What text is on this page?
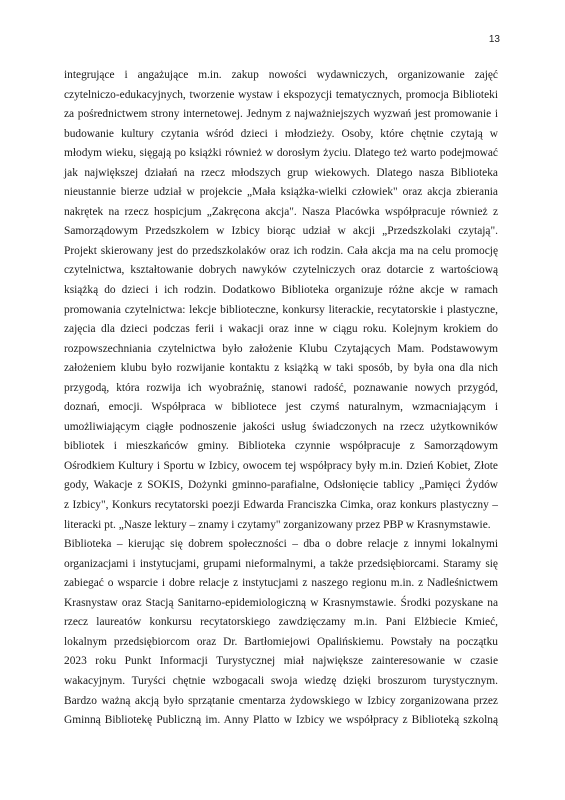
13
integrujące i angażujące m.in. zakup nowości wydawniczych, organizowanie zajęć
czytelniczo-edukacyjnych, tworzenie wystaw i ekspozycji tematycznych, promocja Biblioteki
za pośrednictwem strony internetowej. Jednym z najważniejszych wyzwań jest promowanie i
budowanie kultury czytania wśród dzieci i młodzieży. Osoby, które chętnie czytają w
młodym wieku, sięgają po książki również w dorosłym życiu. Dlatego też warto podejmować
jak największej działań na rzecz młodszych grup wiekowych. Dlatego nasza Biblioteka
nieustannie bierze udział w projekcie „Mała książka-wielki człowiek" oraz akcja zbierania
nakrętek na rzecz hospicjum „Zakręcona akcja". Nasza Placówka współpracuje również z
Samorządowym Przedszkolem w Izbicy biorąc udział w akcji „Przedszkolaki czytają".
Projekt skierowany jest do przedszkolaków oraz ich rodzin. Cała akcja ma na celu promocję
czytelnictwa, kształtowanie dobrych nawyków czytelniczych oraz dotarcie z wartościową
książką do dzieci i ich rodzin. Dodatkowo Biblioteka organizuje różne akcje w ramach
promowania czytelnictwa: lekcje biblioteczne, konkursy literackie, recytatorskie i plastyczne,
zajęcia dla dzieci podczas ferii i wakacji oraz inne w ciągu roku. Kolejnym krokiem do
rozpowszechniania czytelnictwa było założenie Klubu Czytających Mam. Podstawowym
założeniem klubu było rozwijanie kontaktu z książką w taki sposób, by była ona dla nich
przygodą, która rozwija ich wyobraźnię, stanowi radość, poznawanie nowych przygód,
doznań, emocji. Współpraca w bibliotece jest czymś naturalnym, wzmacniającym i
umożliwiającym ciągłe podnoszenie jakości usług świadczonych na rzecz użytkowników
bibliotek i mieszkańców gminy. Biblioteka czynnie współpracuje z Samorządowym
Ośrodkiem Kultury i Sportu w Izbicy, owocem tej współpracy były m.in. Dzień Kobiet, Złote
gody, Wakacje z SOKIS, Dożynki gminno-parafialne, Odsłonięcie tablicy „Pamięci Żydów
z Izbicy", Konkurs recytatorski poezji Edwarda Franciszka Cimka, oraz konkurs plastyczny –
literacki pt. „Nasze lektury – znamy i czytamy" zorganizowany przez PBP w Krasnymstawie.
Biblioteka – kierując się dobrem społeczności – dba o dobre relacje z innymi lokalnymi
organizacjami i instytucjami, grupami nieformalnymi, a także przedsiębiorcami. Staramy się
zabiegać o wsparcie i dobre relacje z instytucjami z naszego regionu m.in. z Nadleśnictwem
Krasnystaw oraz Stacją Sanitarno-epidemiologiczną w Krasnymstawie. Środki pozyskane na
rzecz laureatów konkursu recytatorskiego zawdzięczamy m.in. Pani Elżbiecie Kmieć,
lokalnym przedsiębiorcom oraz Dr. Bartłomiejowi Opalińskiemu. Powstały na początku
2023 roku Punkt Informacji Turystycznej miał największe zainteresowanie w czasie
wakacyjnym. Turyści chętnie wzbogacali swoja wiedzę dzięki broszurom turystycznym.
Bardzo ważną akcją było sprzątanie cmentarza żydowskiego w Izbicy zorganizowana przez
Gminną Bibliotekę Publiczną im. Anny Platto w Izbicy we współpracy z Biblioteką szkolną
